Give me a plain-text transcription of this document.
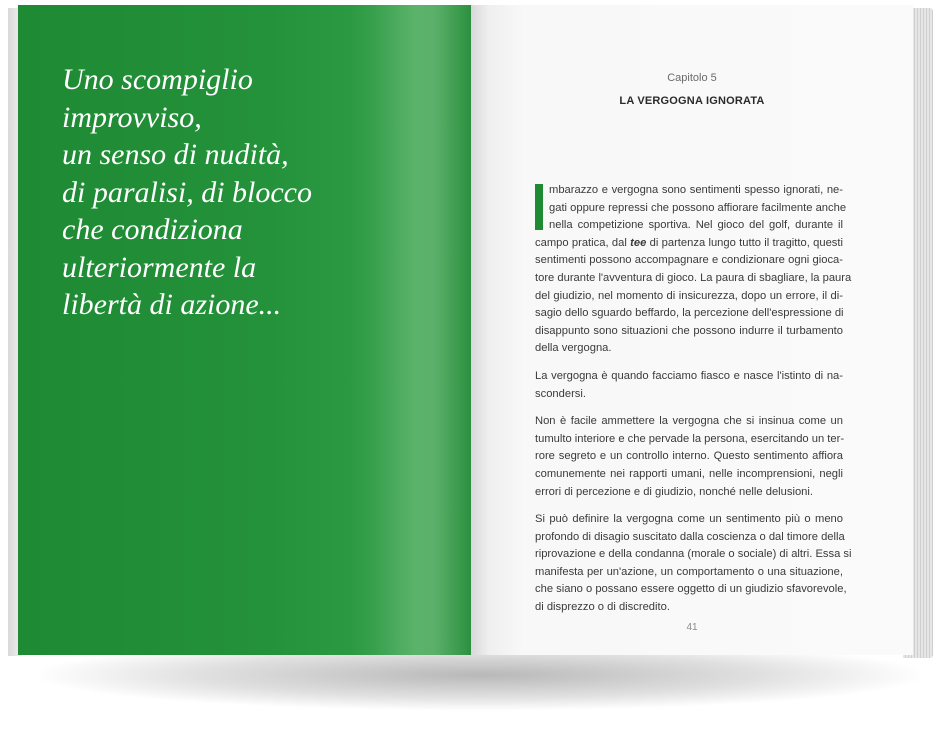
Uno scompiglio
improvviso,
un senso di nudità,
di paralisi, di blocco
che condiziona
ulteriormente la
libertà di azione...
Capitolo 5
LA VERGOGNA IGNORATA

mbarazzo e vergogna sono sentimenti spesso ignorati, ne-
gati oppure repressi che possono affiorare facilmente anche
nella competizione sportiva. Nel gioco del golf, durante il
campo pratica, dal tee di partenza lungo tutto il tragitto, questi
sentimenti possono accompagnare e condizionare ogni gioca-
tore durante l'avventura di gioco. La paura di sbagliare, la paura
del giudizio, nel momento di insicurezza, dopo un errore, il di-
sagio dello sguardo beffardo, la percezione dell'espressione di
disappunto sono situazioni che possono indurre il turbamento
della vergogna.

La vergogna è quando facciamo fiasco e nasce l'istinto di na-
scondersi.

Non è facile ammettere la vergogna che si insinua come un
tumulto interiore e che pervade la persona, esercitando un ter-
rore segreto e un controllo interno. Questo sentimento affiora
comunemente nei rapporti umani, nelle incomprensioni, negli
errori di percezione e di giudizio, nonché nelle delusioni.

Si può definire la vergogna come un sentimento più o meno
profondo di disagio suscitato dalla coscienza o dal timore della
riprovazione e della condanna (morale o sociale) di altri. Essa si
manifesta per un'azione, un comportamento o una situazione,
che siano o possano essere oggetto di un giudizio sfavorevole,
di disprezzo o di discredito.

41
